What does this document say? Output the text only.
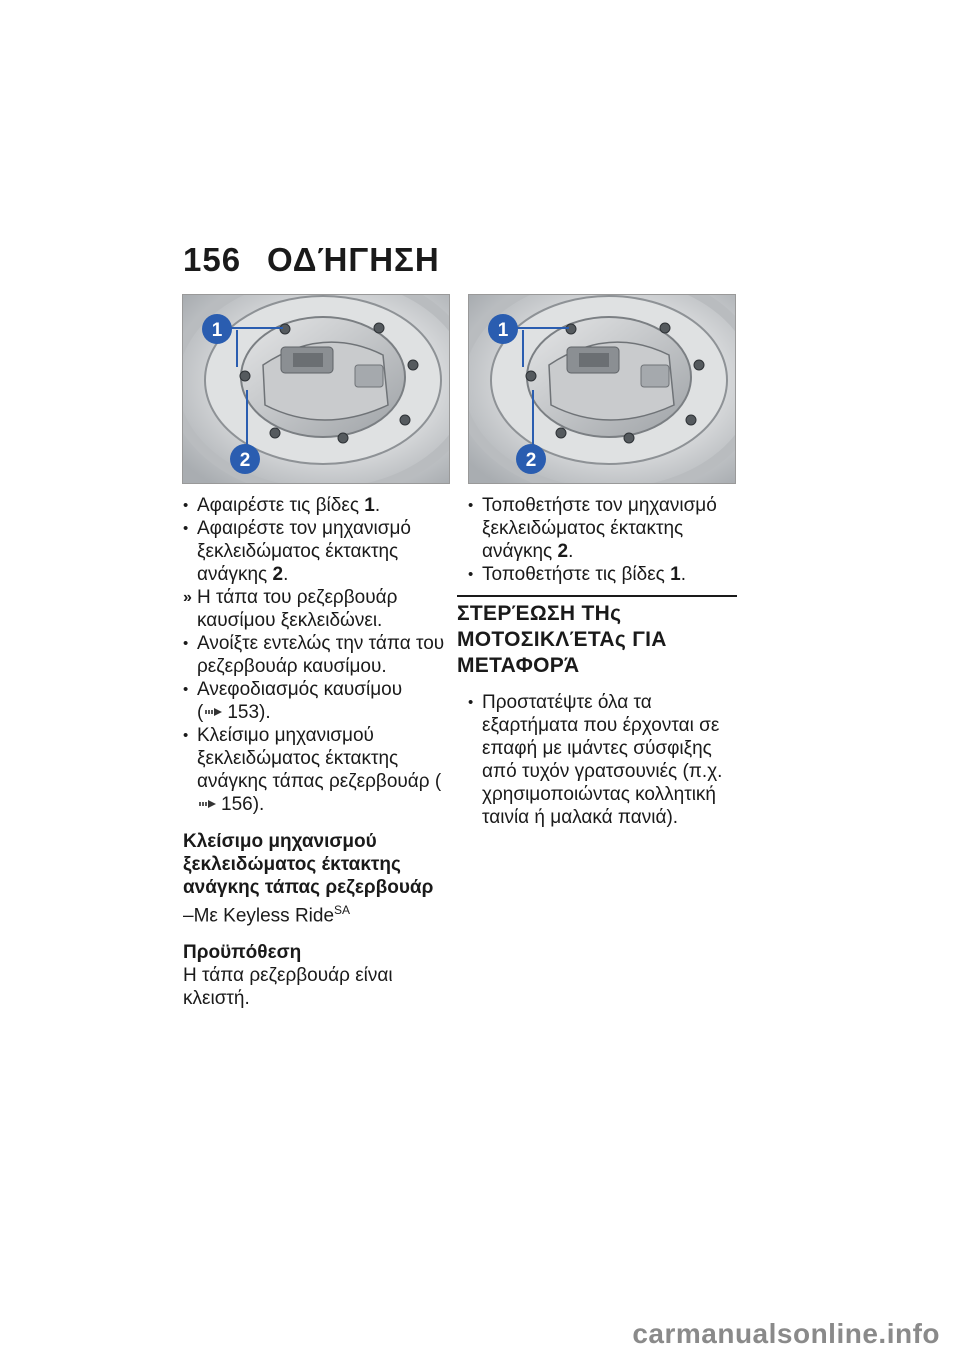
156 ΟΔΉΓΗΣΗ
1
2
1
2

• Αφαιρέστε τις βίδες 1.

• Αφαιρέστε τον μηχανισμό ξεκλειδώματος έκτακτης ανάγκης 2.

» Η τάπα του ρεζερβουάρ καυσίμου ξεκλειδώνει.

• Ανοίξτε εντελώς την τάπα του ρεζερβουάρ καυσίμου.

• Ανεφοδιασμός καυσίμου
( 153).

• Κλείσιμο μηχανισμού ξεκλειδώματος έκτακτης ανάγκης τάπας ρεζερβουάρ (156).

Κλείσιμο μηχανισμού ξεκλειδώματος έκτακτης ανάγκης τάπας ρεζερβουάρ
–Με Keyless Ride$^{SA}$
Προϋπόθεση
Η τάπα ρεζερβουάρ είναι κλειστή.

• Τοποθετήστε τον μηχανισμό ξεκλειδώματος έκτακτης ανάγκης 2.

• Τοποθετήστε τις βίδες 1.

ΣΤΕΡΈΩΣΗ ΤΗς ΜΟΤΟΣΙΚΛΈΤΑς ΓΙΑ ΜΕΤΑΦΟΡΆ

• Προστατέψτε όλα τα εξαρτήματα που έρχονται σε επαφή με ιμάντες σύσφιξης από τυχόν γρατσουνιές (π.χ. χρησιμοποιώντας κολλητική ταινία ή μαλακά πανιά).

carmanualsonline.info
